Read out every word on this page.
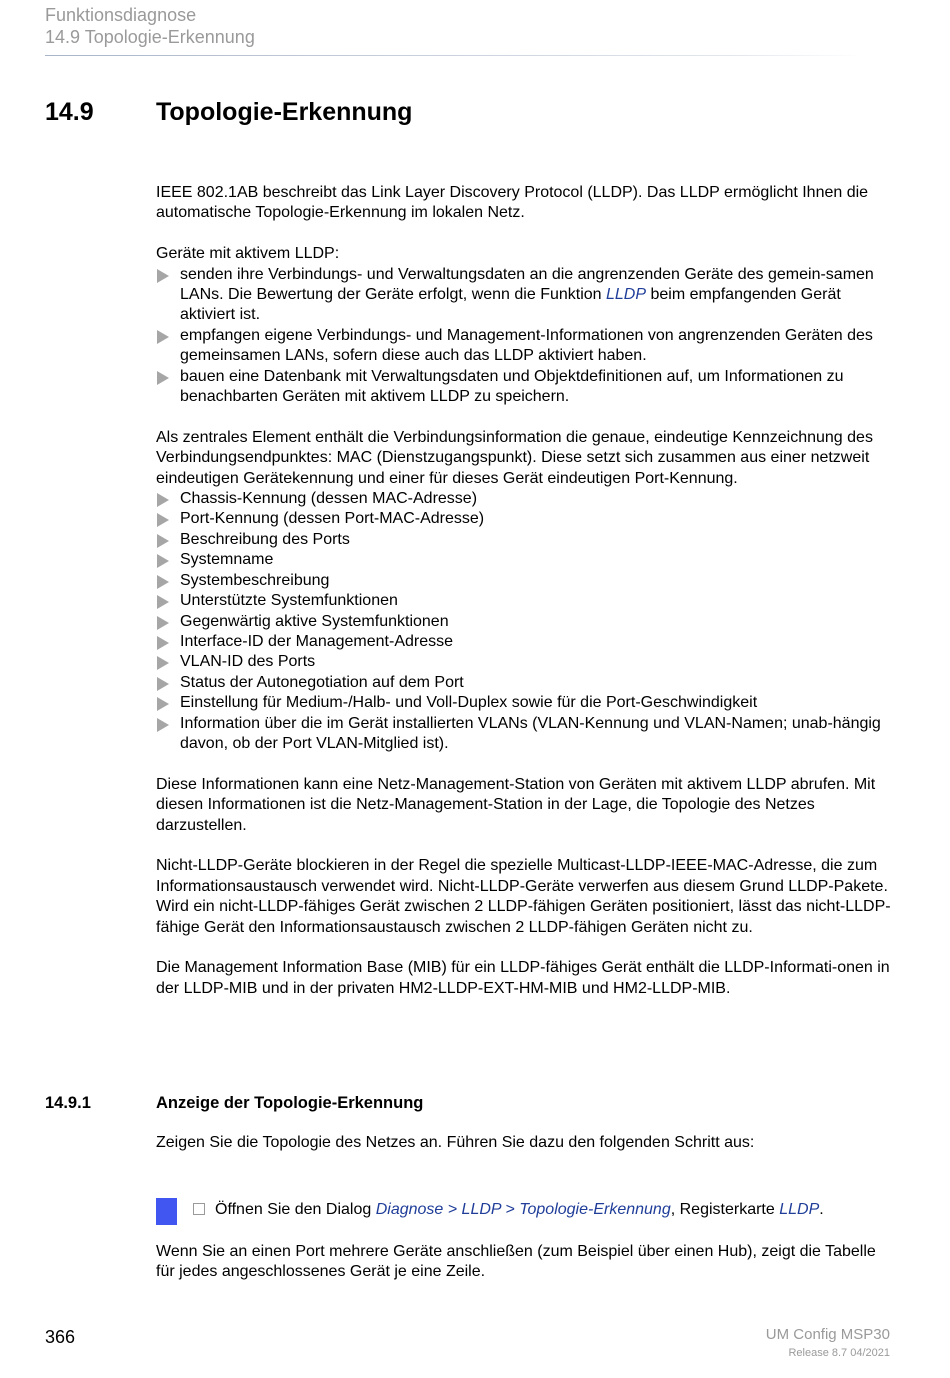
Funktionsdiagnose
14.9 Topologie-Erkennung
14.9 Topologie-Erkennung

IEEE 802.1AB beschreibt das Link Layer Discovery Protocol (LLDP). Das LLDP ermöglicht Ihnen die automatische Topologie-Erkennung im lokalen Netz.

Geräte mit aktivem LLDP:

senden ihre Verbindungs- und Verwaltungsdaten an die angrenzenden Geräte des gemein-samen LANs. Die Bewertung der Geräte erfolgt, wenn die Funktion LLDP beim empfangenden Gerät aktiviert ist.
empfangen eigene Verbindungs- und Management-Informationen von angrenzenden Geräten des gemeinsamen LANs, sofern diese auch das LLDP aktiviert haben.
bauen eine Datenbank mit Verwaltungsdaten und Objektdefinitionen auf, um Informationen zu benachbarten Geräten mit aktivem LLDP zu speichern.

Als zentrales Element enthält die Verbindungsinformation die genaue, eindeutige Kennzeichnung des Verbindungsendpunktes: MAC (Dienstzugangspunkt). Diese setzt sich zusammen aus einer netzweit eindeutigen Gerätekennung und einer für dieses Gerät eindeutigen Port-Kennung.

Chassis-Kennung (dessen MAC-Adresse)
Port-Kennung (dessen Port-MAC-Adresse)
Beschreibung des Ports
Systemname
Systembeschreibung
Unterstützte Systemfunktionen
Gegenwärtig aktive Systemfunktionen
Interface-ID der Management-Adresse
VLAN-ID des Ports
Status der Autonegotiation auf dem Port
Einstellung für Medium-/Halb- und Voll-Duplex sowie für die Port-Geschwindigkeit
Information über die im Gerät installierten VLANs (VLAN-Kennung und VLAN-Namen; unab-hängig davon, ob der Port VLAN-Mitglied ist).

Diese Informationen kann eine Netz-Management-Station von Geräten mit aktivem LLDP abrufen. Mit diesen Informationen ist die Netz-Management-Station in der Lage, die Topologie des Netzes darzustellen.

Nicht-LLDP-Geräte blockieren in der Regel die spezielle Multicast-LLDP-IEEE-MAC-Adresse, die zum Informationsaustausch verwendet wird. Nicht-LLDP-Geräte verwerfen aus diesem Grund LLDP-Pakete. Wird ein nicht-LLDP-fähiges Gerät zwischen 2 LLDP-fähigen Geräten positioniert, lässt das nicht-LLDP-fähige Gerät den Informationsaustausch zwischen 2 LLDP-fähigen Geräten nicht zu.

Die Management Information Base (MIB) für ein LLDP-fähiges Gerät enthält die LLDP-Informati-onen in der LLDP-MIB und in der privaten HM2-LLDP-EXT-HM-MIB und HM2-LLDP-MIB.

14.9.1	Anzeige der Topologie-Erkennung

Zeigen Sie die Topologie des Netzes an. Führen Sie dazu den folgenden Schritt aus:

Öffnen Sie den Dialog Diagnose > LLDP > Topologie-Erkennung, Registerkarte LLDP.

Wenn Sie an einen Port mehrere Geräte anschließen (zum Beispiel über einen Hub), zeigt die Tabelle für jedes angeschlossenes Gerät je eine Zeile.

366	UM Config MSP30
Release 8.7 04/2021
